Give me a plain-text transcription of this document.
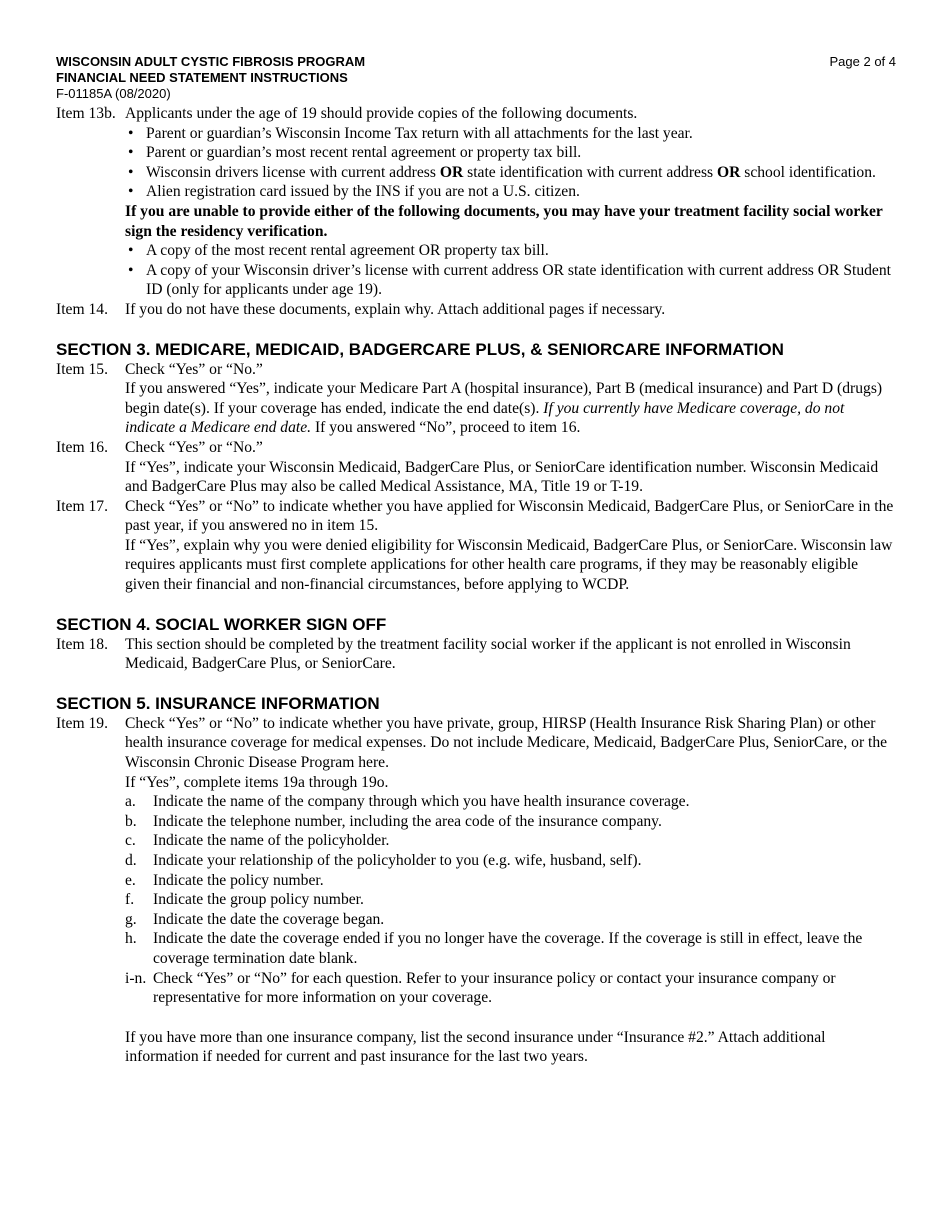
WISCONSIN ADULT CYSTIC FIBROSIS PROGRAM
FINANCIAL NEED STATEMENT INSTRUCTIONS
F-01185A (08/2020)
Page 2 of 4
Item 13b. Applicants under the age of 19 should provide copies of the following documents.
• Parent or guardian’s Wisconsin Income Tax return with all attachments for the last year.
• Parent or guardian’s most recent rental agreement or property tax bill.
• Wisconsin drivers license with current address OR state identification with current address OR school identification.
• Alien registration card issued by the INS if you are not a U.S. citizen.
If you are unable to provide either of the following documents, you may have your treatment facility social worker sign the residency verification.
• A copy of the most recent rental agreement OR property tax bill.
• A copy of your Wisconsin driver’s license with current address OR state identification with current address OR Student ID (only for applicants under age 19).
Item 14.	If you do not have these documents, explain why. Attach additional pages if necessary.
SECTION 3. MEDICARE, MEDICAID, BADGERCARE PLUS, & SENIORCARE INFORMATION
Item 15.	Check “Yes” or “No.”
If you answered “Yes”, indicate your Medicare Part A (hospital insurance), Part B (medical insurance) and Part D (drugs) begin date(s). If your coverage has ended, indicate the end date(s). If you currently have Medicare coverage, do not indicate a Medicare end date. If you answered “No”, proceed to item 16.
Item 16.	Check “Yes” or “No.”
If “Yes”, indicate your Wisconsin Medicaid, BadgerCare Plus, or SeniorCare identification number. Wisconsin Medicaid and BadgerCare Plus may also be called Medical Assistance, MA, Title 19 or T-19.
Item 17.	Check “Yes” or “No” to indicate whether you have applied for Wisconsin Medicaid, BadgerCare Plus, or SeniorCare in the past year, if you answered no in item 15.
If “Yes”, explain why you were denied eligibility for Wisconsin Medicaid, BadgerCare Plus, or SeniorCare. Wisconsin law requires applicants must first complete applications for other health care programs, if they may be reasonably eligible given their financial and non-financial circumstances, before applying to WCDP.
SECTION 4. SOCIAL WORKER SIGN OFF
Item 18.	This section should be completed by the treatment facility social worker if the applicant is not enrolled in Wisconsin Medicaid, BadgerCare Plus, or SeniorCare.
SECTION 5. INSURANCE INFORMATION
Item 19.	Check “Yes” or “No” to indicate whether you have private, group, HIRSP (Health Insurance Risk Sharing Plan) or other health insurance coverage for medical expenses. Do not include Medicare, Medicaid, BadgerCare Plus, SeniorCare, or the Wisconsin Chronic Disease Program here.
If “Yes”, complete items 19a through 19o.
a.	Indicate the name of the company through which you have health insurance coverage.
b.	Indicate the telephone number, including the area code of the insurance company.
c.	Indicate the name of the policyholder.
d.	Indicate your relationship of the policyholder to you (e.g. wife, husband, self).
e.	Indicate the policy number.
f.	Indicate the group policy number.
g.	Indicate the date the coverage began.
h.	Indicate the date the coverage ended if you no longer have the coverage. If the coverage is still in effect, leave the coverage termination date blank.
i-n. Check “Yes” or “No” for each question. Refer to your insurance policy or contact your insurance company or representative for more information on your coverage.
If you have more than one insurance company, list the second insurance under “Insurance #2.” Attach additional information if needed for current and past insurance for the last two years.
